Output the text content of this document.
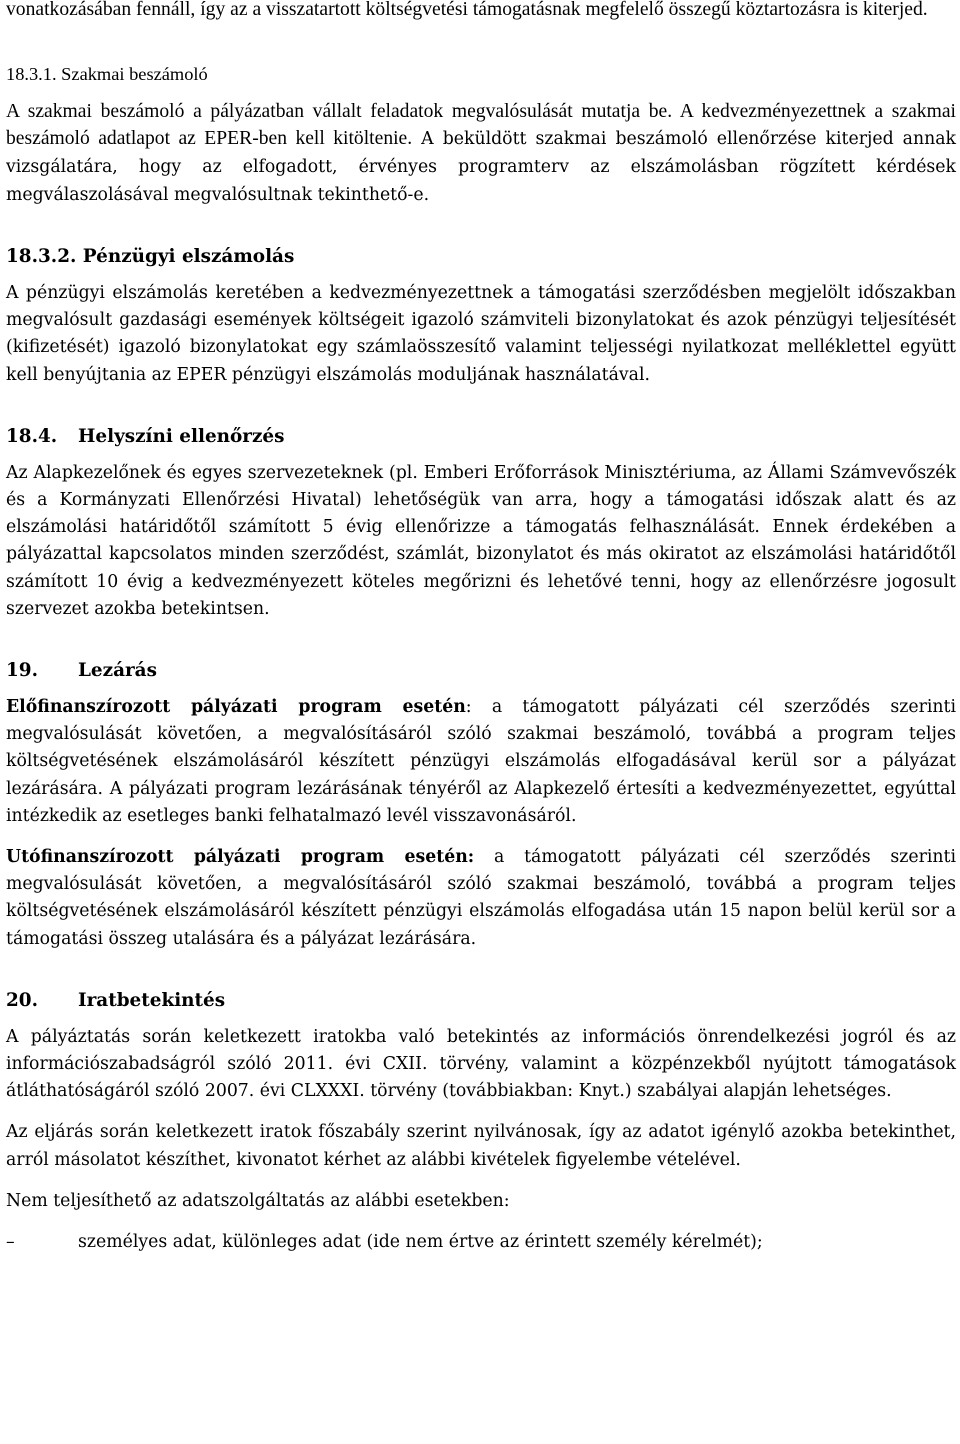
vonatkozásában fennáll, így az a visszatartott költségvetési támogatásnak megfelelő összegű köztartozásra is kiterjed.

18.3.1. Szakmai beszámoló

A szakmai beszámoló a pályázatban vállalt feladatok megvalósulását mutatja be. A kedvezményezettnek a szakmai beszámoló adatlapot az EPER-ben kell kitöltenie. A beküldött szakmai beszámoló ellenőrzése kiterjed annak vizsgálatára, hogy az elfogadott, érvényes programterv az elszámolásban rögzített kérdések megválaszolásával megvalósultnak tekinthető-e.

18.3.2. Pénzügyi elszámolás

A pénzügyi elszámolás keretében a kedvezményezettnek a támogatási szerződésben megjelölt időszakban megvalósult gazdasági események költségeit igazoló számviteli bizonylatokat és azok pénzügyi teljesítését (kifizetését) igazoló bizonylatokat egy számlaösszesítő valamint teljességi nyilatkozat melléklettel együtt kell benyújtania az EPER pénzügyi elszámolás moduljának használatával.

18.4. Helyszíni ellenőrzés

Az Alapkezelőnek és egyes szervezeteknek (pl. Emberi Erőforrások Minisztériuma, az Állami Számvevőszék és a Kormányzati Ellenőrzési Hivatal) lehetőségük van arra, hogy a támogatási időszak alatt és az elszámolási határidőtől számított 5 évig ellenőrizze a támogatás felhasználását. Ennek érdekében a pályázattal kapcsolatos minden szerződést, számlát, bizonylatot és más okiratot az elszámolási határidőtől számított 10 évig a kedvezményezett köteles megőrizni és lehetővé tenni, hogy az ellenőrzésre jogosult szervezet azokba betekintsen.

19. Lezárás

Előfinanszírozott pályázati program esetén: a támogatott pályázati cél szerződés szerinti megvalósulását követően, a megvalósításáról szóló szakmai beszámoló, továbbá a program teljes költségvetésének elszámolásáról készített pénzügyi elszámolás elfogadásával kerül sor a pályázat lezárására. A pályázati program lezárásának tényéről az Alapkezelő értesíti a kedvezményezettet, egyúttal intézkedik az esetleges banki felhatalmazó levél visszavonásáról.

Utófinanszírozott pályázati program esetén: a támogatott pályázati cél szerződés szerinti megvalósulását követően, a megvalósításáról szóló szakmai beszámoló, továbbá a program teljes költségvetésének elszámolásáról készített pénzügyi elszámolás elfogadása után 15 napon belül kerül sor a támogatási összeg utalására és a pályázat lezárására.

20. Iratbetekintés

A pályáztatás során keletkezett iratokba való betekintés az információs önrendelkezési jogról és az információszabadságról szóló 2011. évi CXII. törvény, valamint a közpénzekből nyújtott támogatások átláthatóságáról szóló 2007. évi CLXXXI. törvény (továbbiakban: Knyt.) szabályai alapján lehetséges.

Az eljárás során keletkezett iratok főszabály szerint nyilvánosak, így az adatot igénylő azokba betekinthet, arról másolatot készíthet, kivonatot kérhet az alábbi kivételek figyelembe vételével.

Nem teljesíthető az adatszolgáltatás az alábbi esetekben:

–	személyes adat, különleges adat (ide nem értve az érintett személy kérelmét);
